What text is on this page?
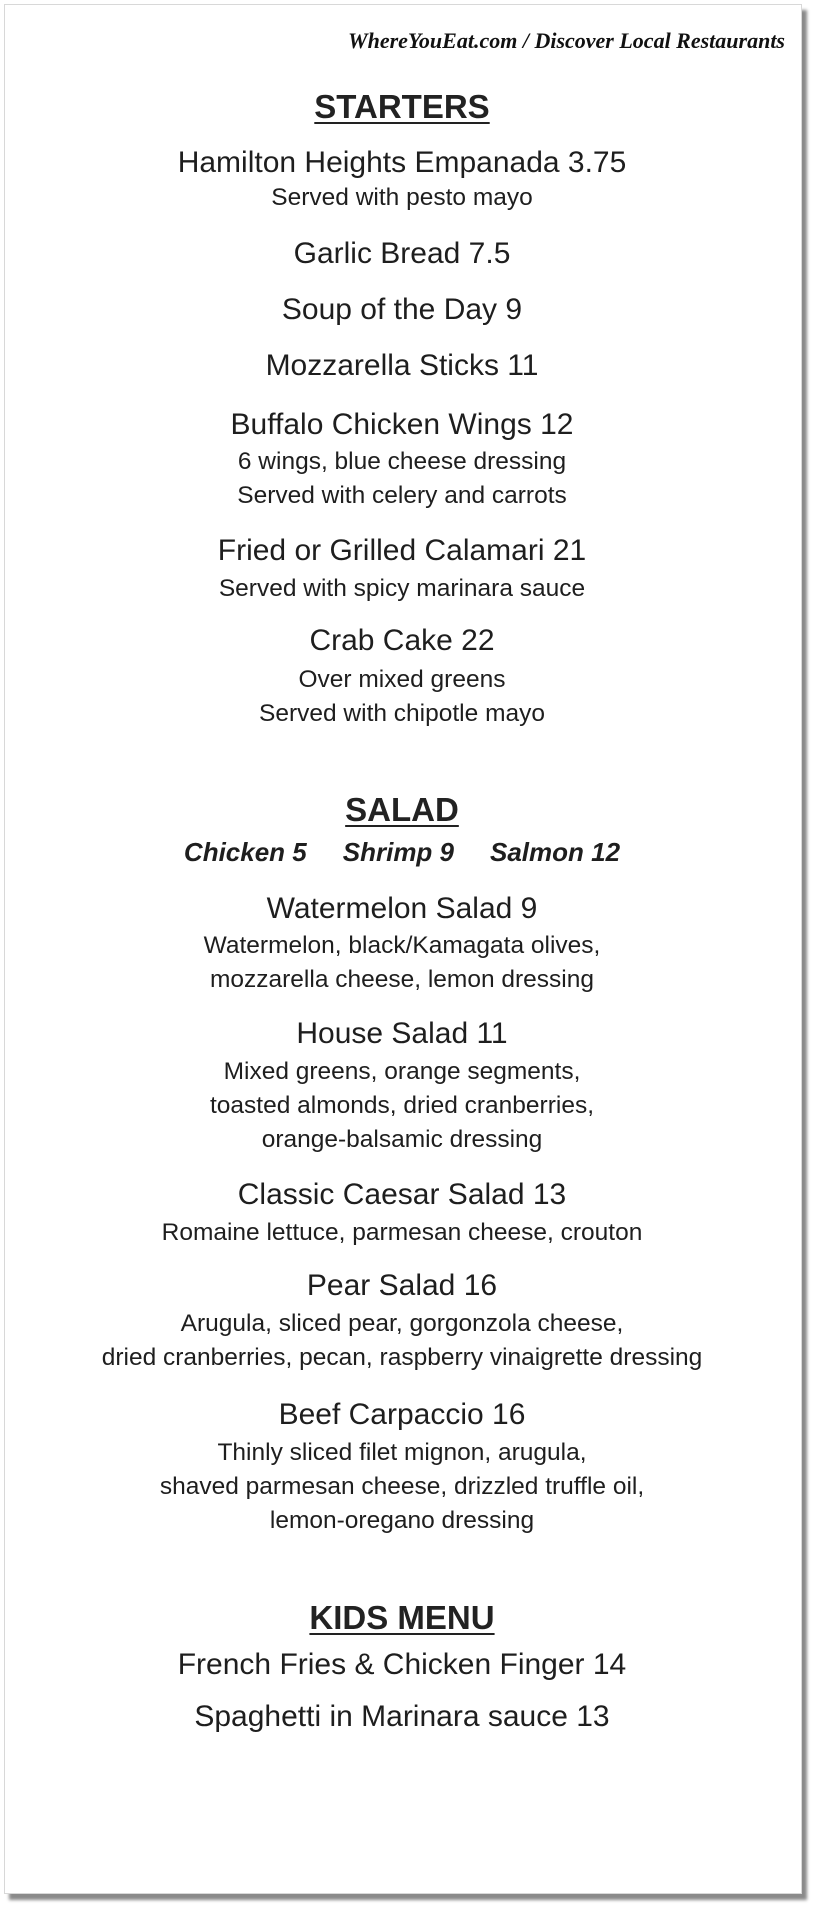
WhereYouEat.com / Discover Local Restaurants
STARTERS
Hamilton Heights Empanada 3.75
Served with pesto mayo
Garlic Bread 7.5
Soup of the Day 9
Mozzarella Sticks 11
Buffalo Chicken Wings 12
6 wings, blue cheese dressing
Served with celery and carrots
Fried or Grilled Calamari 21
Served with spicy marinara sauce
Crab Cake 22
Over mixed greens
Served with chipotle mayo
SALAD
Chicken 5 Shrimp 9 Salmon 12
Watermelon Salad 9
Watermelon, black/Kamagata olives,
mozzarella cheese, lemon dressing
House Salad 11
Mixed greens, orange segments,
toasted almonds, dried cranberries,
orange-balsamic dressing
Classic Caesar Salad 13
Romaine lettuce, parmesan cheese, crouton
Pear Salad 16
Arugula, sliced pear, gorgonzola cheese,
dried cranberries, pecan, raspberry vinaigrette dressing
Beef Carpaccio 16
Thinly sliced filet mignon, arugula,
shaved parmesan cheese, drizzled truffle oil,
lemon-oregano dressing
KIDS MENU
French Fries & Chicken Finger 14
Spaghetti in Marinara sauce 13
